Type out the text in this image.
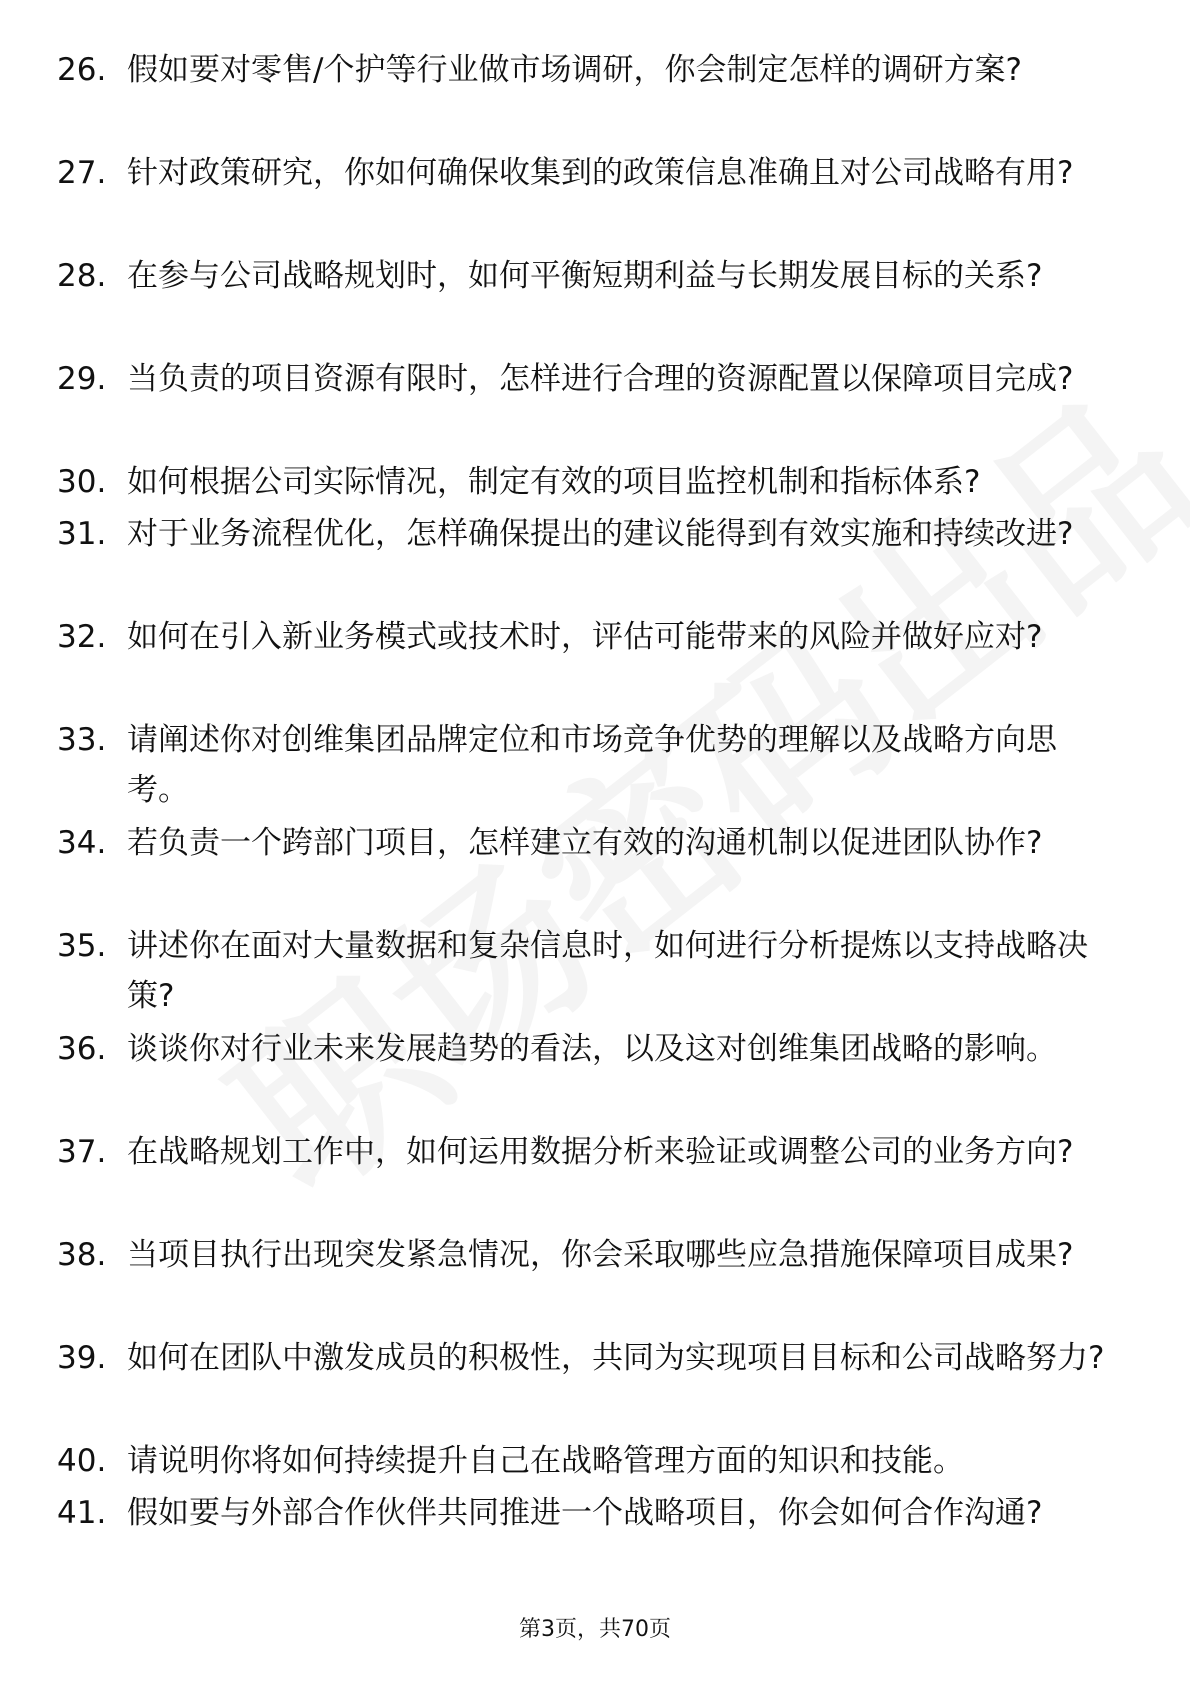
26. 假如要对零售/个护等行业做市场调研，你会制定怎样的调研方案?
27. 针对政策研究，你如何确保收集到的政策信息准确且对公司战略有用?
28. 在参与公司战略规划时，如何平衡短期利益与长期发展目标的关系?
29. 当负责的项目资源有限时，怎样进行合理的资源配置以保障项目完成?
30. 如何根据公司实际情况，制定有效的项目监控机制和指标体系?
31. 对于业务流程优化，怎样确保提出的建议能得到有效实施和持续改进?
32. 如何在引入新业务模式或技术时，评估可能带来的风险并做好应对?
33. 请阐述你对创维集团品牌定位和市场竞争优势的理解以及战略方向思考。
34. 若负责一个跨部门项目，怎样建立有效的沟通机制以促进团队协作?
35. 讲述你在面对大量数据和复杂信息时，如何进行分析提炼以支持战略决策?
36. 谈谈你对行业未来发展趋势的看法，以及这对创维集团战略的影响。
37. 在战略规划工作中，如何运用数据分析来验证或调整公司的业务方向?
38. 当项目执行出现突发紧急情况，你会采取哪些应急措施保障项目成果?
39. 如何在团队中激发成员的积极性，共同为实现项目目标和公司战略努力?
40. 请说明你将如何持续提升自己在战略管理方面的知识和技能。
41. 假如要与外部合作伙伴共同推进一个战略项目，你会如何合作沟通?
第3页，共70页
